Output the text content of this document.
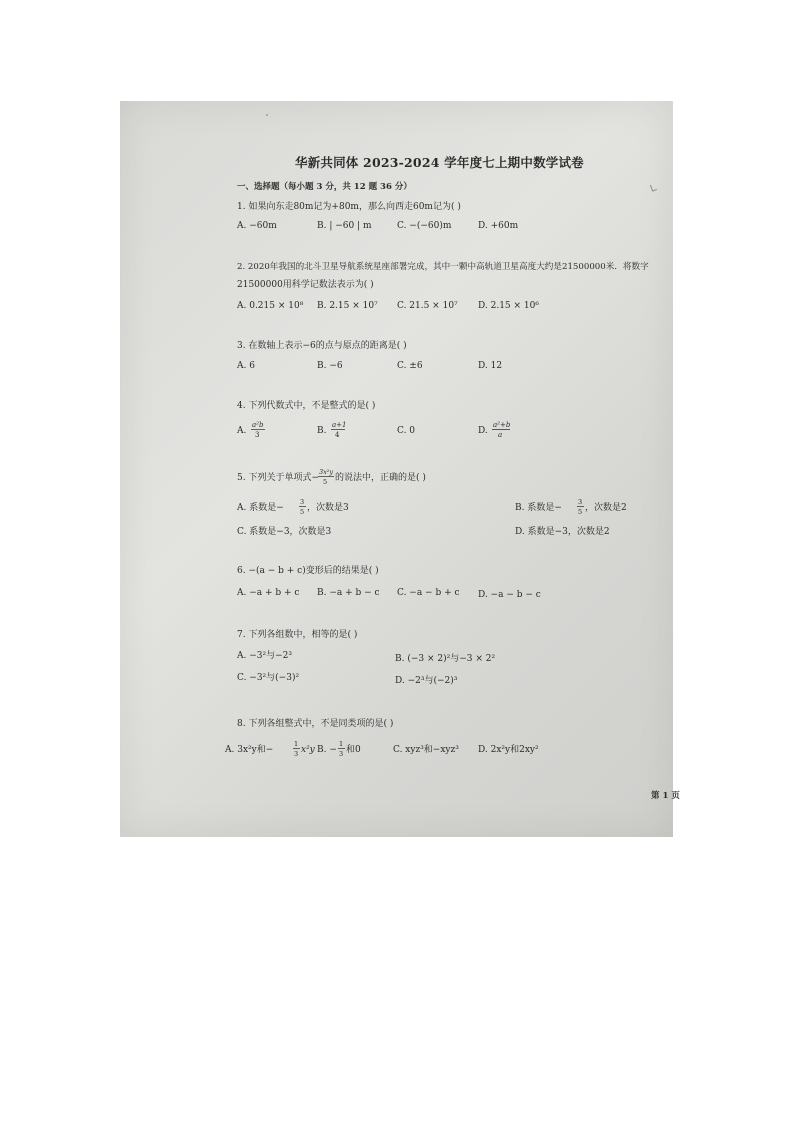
华新共同体 2023-2024 学年度七上期中数学试卷
一、选择题（每小题 3 分，共 12 题 36 分）
1. 如果向东走80m记为+80m，那么向西走60m记为( )
A. −60m	B. | −60 | m	C. −(−60)m	D. +60m
2. 2020年我国的北斗卫星导航系统星座部署完成，其中一颗中高轨道卫星高度大约是21500000米．将数字
21500000用科学记数法表示为( )
A. 0.215 × 10⁸ B. 2.15 × 10⁷ C. 21.5 × 10⁷ D. 2.15 × 10⁶
3. 在数轴上表示−6的点与原点的距离是( )
A. 6	B. −6	C. ±6	D. 12
4. 下列代数式中，不是整式的是( )
A.
a²b
3	B.
a+1
4	C. 0	D.
a²+b
a
5. 下列关于单项式−
3x²y
5 的说法中，正确的是( )
A. 系数是−
3
5 ，次数是3	B. 系数是−
3
5 ，次数是2
C. 系数是−3，次数是3	D. 系数是−3，次数是2
6. −(a − b + c)变形后的结果是( )
A. −a + b + c B. −a + b − c C. −a − b + c D. −a − b − c
7. 下列各组数中，相等的是( )
A. −3²与−2³	B. (−3 × 2)²与−3 × 2²
C. −3²与(−3)²	D. −2³与(−2)³
8. 下列各组整式中，不是同类项的是( )
A. 3x²y和−
1
3 x²y B. −
1
3 和0	C. xyz³和−xyz³ D. 2x²y和2xy²
第 1 页
